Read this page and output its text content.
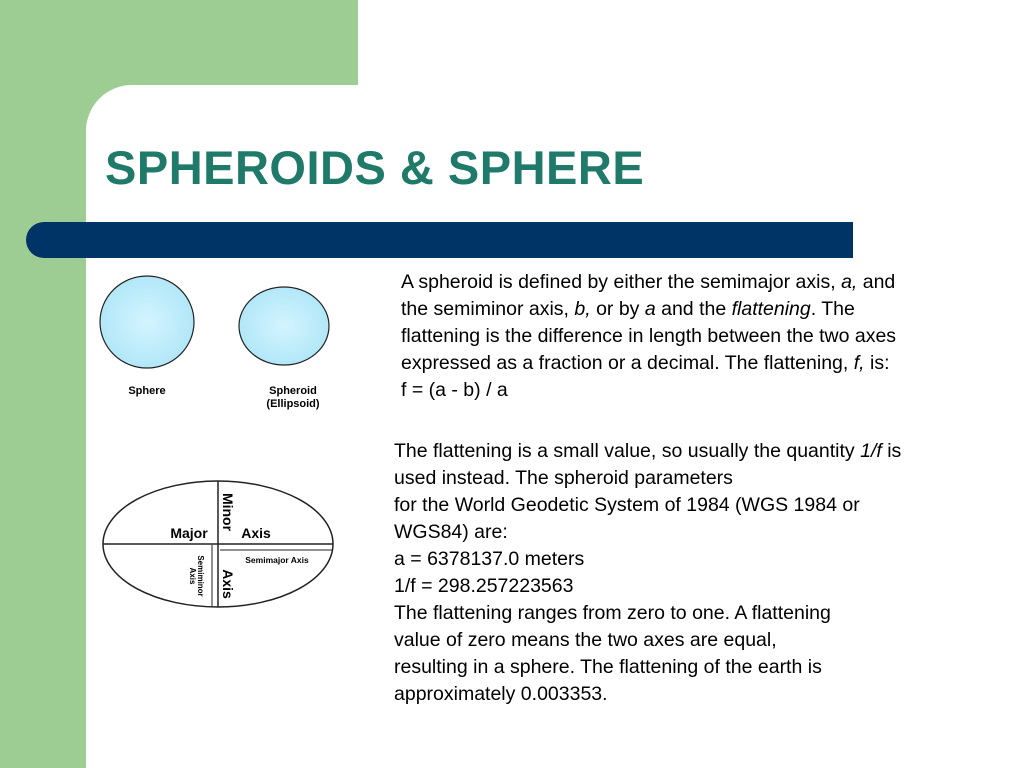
SPHEROIDS & SPHERE
Sphere	Spheroid
(Ellipsoid)
Major Axis
Minor
Axis
Semimajor Axis
Semiminor
Axis
A spheroid is defined by either the semimajor axis, a, and
the semiminor axis, b, or by a and the flattening. The
flattening is the difference in length between the two axes
expressed as a fraction or a decimal. The flattening, f, is:
f = (a - b) / a
The flattening is a small value, so usually the quantity 1/f is
used instead. The spheroid parameters
for the World Geodetic System of 1984 (WGS 1984 or
WGS84) are:
a = 6378137.0 meters
1/f = 298.257223563
The flattening ranges from zero to one. A flattening
value of zero means the two axes are equal,
resulting in a sphere. The flattening of the earth is
approximately 0.003353.
